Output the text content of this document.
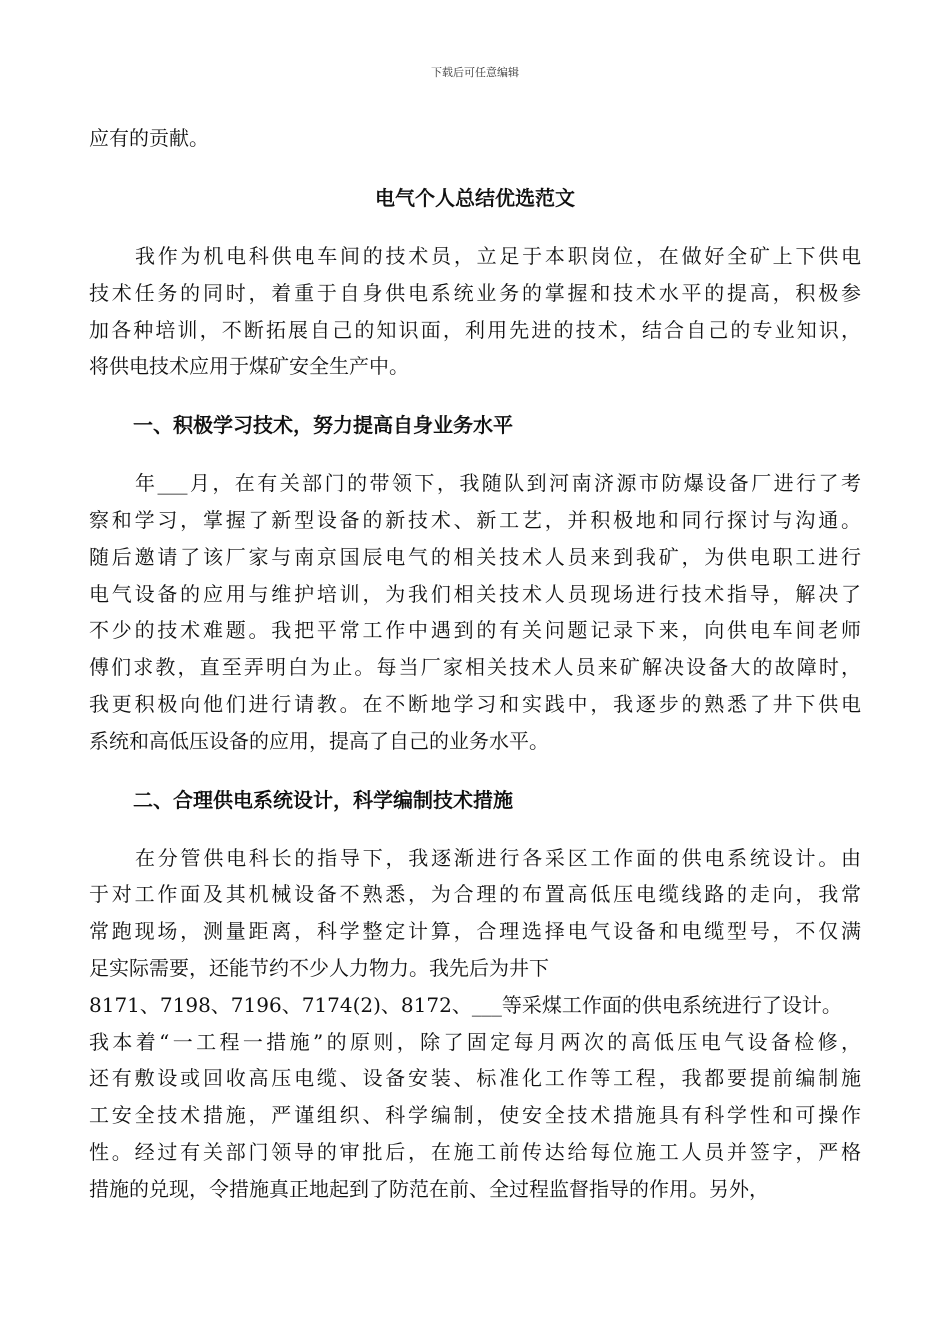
下载后可任意编辑

应有的贡献。

电气个人总结优选范文
我作为机电科供电车间的技术员，立足于本职岗位，在做好全矿上下供电
技术任务的同时，着重于自身供电系统业务的掌握和技术水平的提高，积极参
加各种培训，不断拓展自己的知识面，利用先进的技术，结合自己的专业知识，
将供电技术应用于煤矿安全生产中。
一、积极学习技术，努力提高自身业务水平
年___月，在有关部门的带领下，我随队到河南济源市防爆设备厂进行了考
察和学习，掌握了新型设备的新技术、新工艺，并积极地和同行探讨与沟通。
随后邀请了该厂家与南京国辰电气的相关技术人员来到我矿，为供电职工进行
电气设备的应用与维护培训，为我们相关技术人员现场进行技术指导，解决了
不少的技术难题。我把平常工作中遇到的有关问题记录下来，向供电车间老师
傅们求教，直至弄明白为止。每当厂家相关技术人员来矿解决设备大的故障时，
我更积极向他们进行请教。在不断地学习和实践中，我逐步的熟悉了井下供电
系统和高低压设备的应用，提高了自己的业务水平。
二、合理供电系统设计，科学编制技术措施
在分管供电科长的指导下，我逐渐进行各采区工作面的供电系统设计。由
于对工作面及其机械设备不熟悉，为合理的布置高低压电缆线路的走向，我常
常跑现场，测量距离，科学整定计算，合理选择电气设备和电缆型号，不仅满
足实际需要，还能节约不少人力物力。我先后为井下
8171、7198、7196、7174(2)、8172、___等采煤工作面的供电系统进行了设计。
我本着“一工程一措施”的原则，除了固定每月两次的高低压电气设备检修，
还有敷设或回收高压电缆、设备安装、标准化工作等工程，我都要提前编制施
工安全技术措施，严谨组织、科学编制，使安全技术措施具有科学性和可操作
性。经过有关部门领导的审批后，在施工前传达给每位施工人员并签字，严格
措施的兑现，令措施真正地起到了防范在前、全过程监督指导的作用。另外，
